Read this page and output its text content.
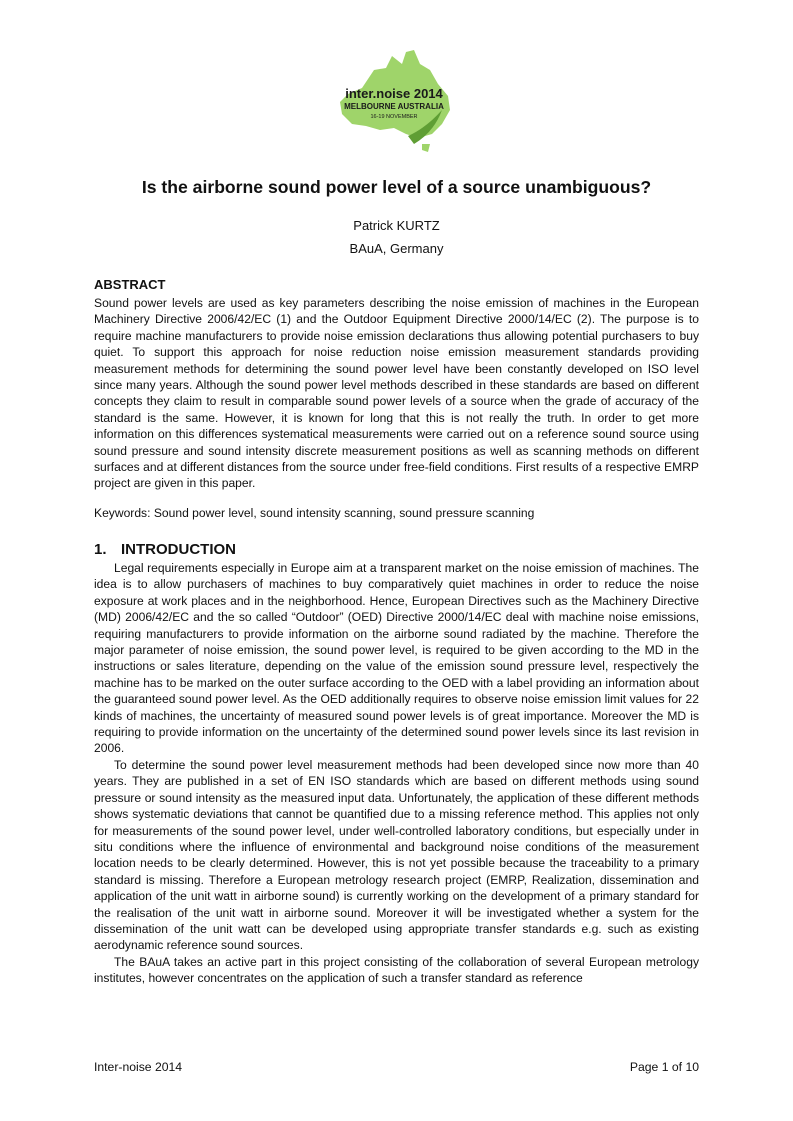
inter.noise 2014
MELBOURNE AUSTRALIA
16-19 NOVEMBER
Is the airborne sound power level of a source unambiguous?

Patrick KURTZ

BAuA, Germany

ABSTRACT

Sound power levels are used as key parameters describing the noise emission of machines in the European Machinery Directive 2006/42/EC (1) and the Outdoor Equipment Directive 2000/14/EC (2). The purpose is to require machine manufacturers to provide noise emission declarations thus allowing potential purchasers to buy quiet. To support this approach for noise reduction noise emission measurement standards providing measurement methods for determining the sound power level have been constantly developed on ISO level since many years. Although the sound power level methods described in these standards are based on different concepts they claim to result in comparable sound power levels of a source when the grade of accuracy of the standard is the same. However, it is known for long that this is not really the truth. In order to get more information on this differences systematical measurements were carried out on a reference sound source using sound pressure and sound intensity discrete measurement positions as well as scanning methods on different surfaces and at different distances from the source under free-field conditions. First results of a respective EMRP project are given in this paper.

Keywords: Sound power level, sound intensity scanning, sound pressure scanning

1. INTRODUCTION

Legal requirements especially in Europe aim at a transparent market on the noise emission of machines. The idea is to allow purchasers of machines to buy comparatively quiet machines in order to reduce the noise exposure at work places and in the neighborhood. Hence, European Directives such as the Machinery Directive (MD) 2006/42/EC and the so called “Outdoor” (OED) Directive 2000/14/EC deal with machine noise emissions, requiring manufacturers to provide information on the airborne sound radiated by the machine. Therefore the major parameter of noise emission, the sound power level, is required to be given according to the MD in the instructions or sales literature, depending on the value of the emission sound pressure level, respectively the machine has to be marked on the outer surface according to the OED with a label providing an information about the guaranteed sound power level. As the OED additionally requires to observe noise emission limit values for 22 kinds of machines, the uncertainty of measured sound power levels is of great importance. Moreover the MD is requiring to provide information on the uncertainty of the determined sound power levels since its last revision in 2006.

To determine the sound power level measurement methods had been developed since now more than 40 years. They are published in a set of EN ISO standards which are based on different methods using sound pressure or sound intensity as the measured input data. Unfortunately, the application of these different methods shows systematic deviations that cannot be quantified due to a missing reference method. This applies not only for measurements of the sound power level, under well-controlled laboratory conditions, but especially under in situ conditions where the influence of environmental and background noise conditions of the measurement location needs to be clearly determined. However, this is not yet possible because the traceability to a primary standard is missing. Therefore a European metrology research project (EMRP, Realization, dissemination and application of the unit watt in airborne sound) is currently working on the development of a primary standard for the realisation of the unit watt in airborne sound. Moreover it will be investigated whether a system for the dissemination of the unit watt can be developed using appropriate transfer standards e.g. such as existing aerodynamic reference sound sources.

The BAuA takes an active part in this project consisting of the collaboration of several European metrology institutes, however concentrates on the application of such a transfer standard as reference

Inter-noise 2014	Page 1 of 10
